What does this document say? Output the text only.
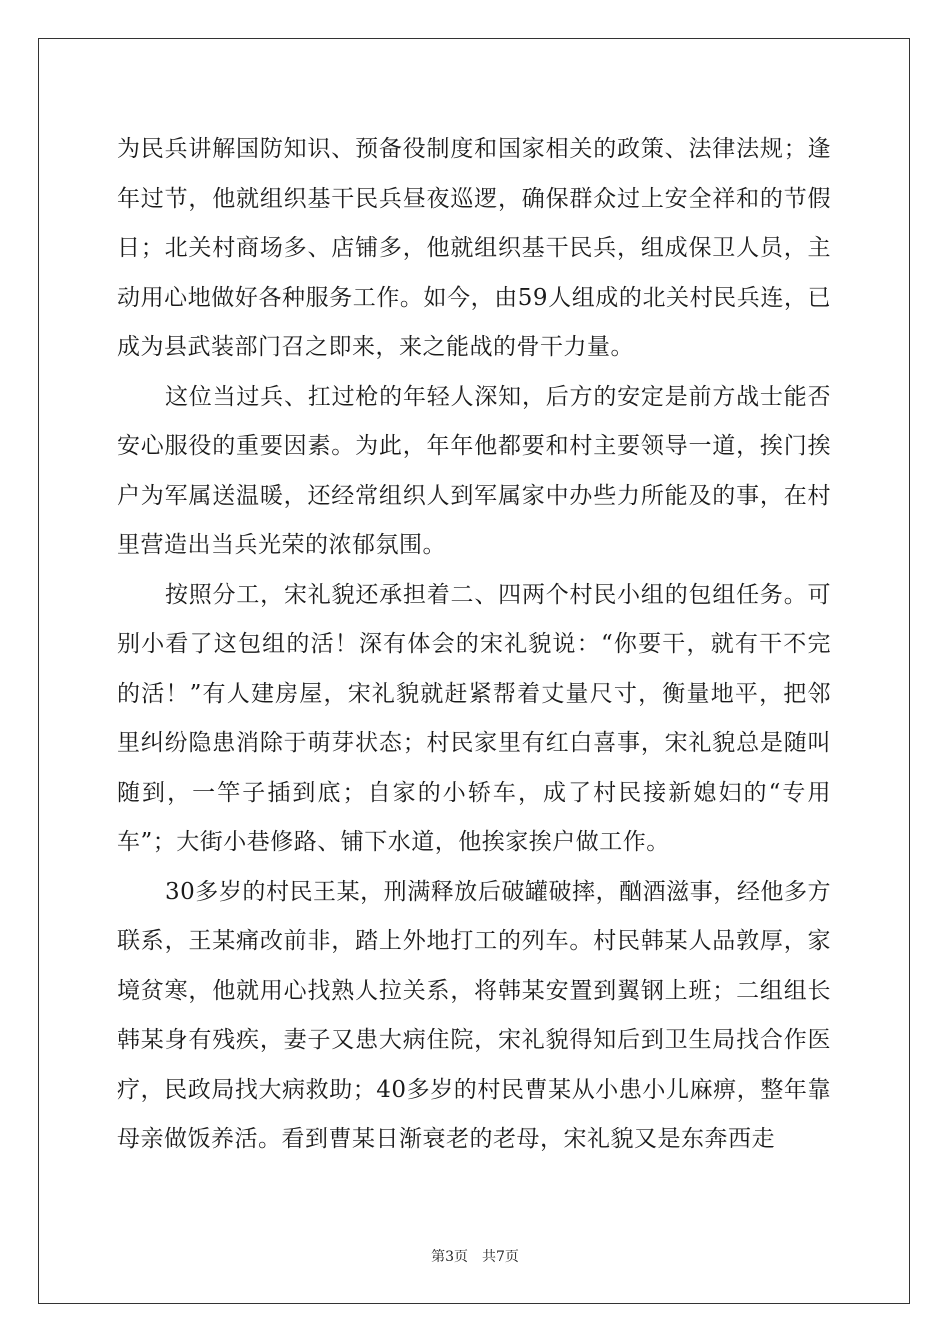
为民兵讲解国防知识、预备役制度和国家相关的政策、法律法规；逢年过节，他就组织基干民兵昼夜巡逻，确保群众过上安全祥和的节假日；北关村商场多、店铺多，他就组织基干民兵，组成保卫人员，主动用心地做好各种服务工作。如今，由59人组成的北关村民兵连，已成为县武装部门召之即来，来之能战的骨干力量。

这位当过兵、扛过枪的年轻人深知，后方的安定是前方战士能否安心服役的重要因素。为此，年年他都要和村主要领导一道，挨门挨户为军属送温暖，还经常组织人到军属家中办些力所能及的事，在村里营造出当兵光荣的浓郁氛围。

按照分工，宋礼貌还承担着二、四两个村民小组的包组任务。可别小看了这包组的活！深有体会的宋礼貌说：“你要干，就有干不完的活！”有人建房屋，宋礼貌就赶紧帮着丈量尺寸，衡量地平，把邻里纠纷隐患消除于萌芽状态；村民家里有红白喜事，宋礼貌总是随叫随到，一竿子插到底；自家的小轿车，成了村民接新媳妇的“专用车”；大街小巷修路、铺下水道，他挨家挨户做工作。

30多岁的村民王某，刑满释放后破罐破摔，酗酒滋事，经他多方联系，王某痛改前非，踏上外地打工的列车。村民韩某人品敦厚，家境贫寒，他就用心找熟人拉关系，将韩某安置到翼钢上班；二组组长韩某身有残疾，妻子又患大病住院，宋礼貌得知后到卫生局找合作医疗，民政局找大病救助；40多岁的村民曹某从小患小儿麻痹，整年靠母亲做饭养活。看到曹某日渐衰老的老母，宋礼貌又是东奔西走

第3页 共7页
